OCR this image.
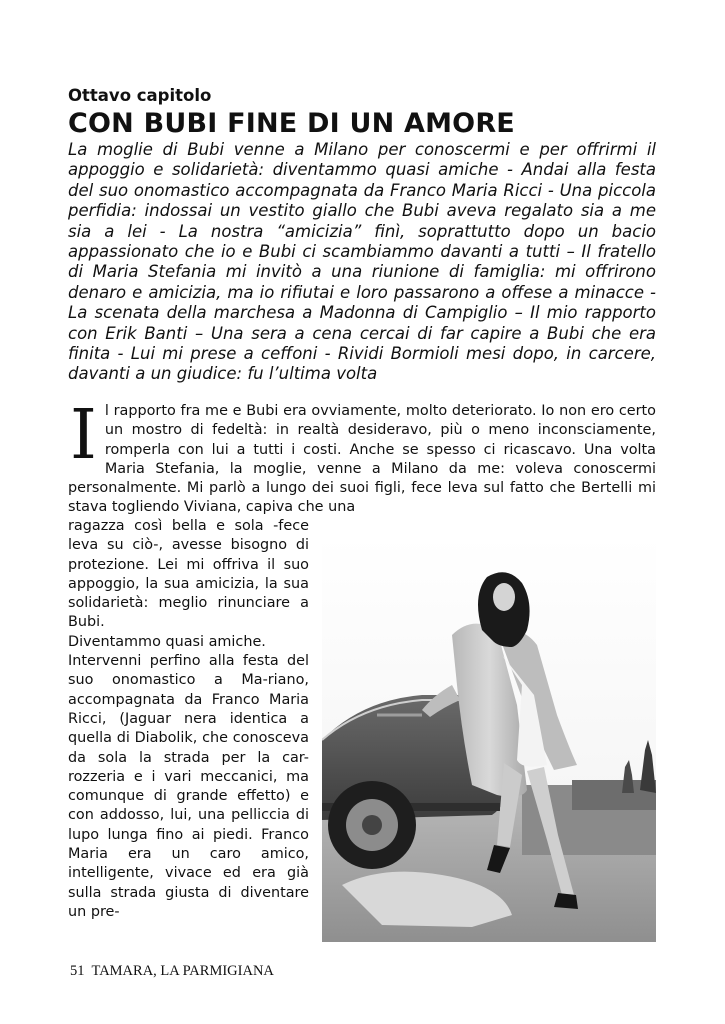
Ottavo capitolo
CON BUBI FINE DI UN AMORE
La moglie di Bubi venne a Milano per conoscermi e per offrirmi il appoggio e solidarietà: diventammo quasi amiche - Andai alla festa del suo onomastico accompagnata da Franco Maria Ricci - Una piccola perfidia: indossai un vestito giallo che Bubi aveva regalato sia a me sia a lei - La nostra “amicizia” finì, soprattutto dopo un bacio appassionato che io e Bubi ci scambiammo davanti a tutti – Il fratello di Maria Stefania mi invitò a una riunione di famiglia: mi offrirono denaro e amicizia, ma io rifiutai e loro passarono a offese a minacce - La scenata della marchesa a Madonna di Campiglio – Il mio rapporto con Erik Banti – Una sera a cena cercai di far capire a Bubi che era finita - Lui mi prese a ceffoni - Rividi Bormioli mesi dopo, in carcere, davanti a un giudice: fu l’ultima volta
Il rapporto fra me e Bubi era ovviamente, molto deteriorato. Io non ero certo un mostro di fedeltà: in realtà desideravo, più o meno inconsciamente, romperla con lui a tutti i costi. Anche se spesso ci ricascavo. Una volta Maria Stefania, la moglie, venne a Milano da me: voleva conoscermi personalmente. Mi parlò a lungo dei suoi figli, fece leva sul fatto che Bertelli mi stava togliendo Viviana, capiva che una
ragazza così bella e sola -fece leva su ciò-, avesse bisogno di protezione. Lei mi offriva il suo appoggio, la sua amicizia, la sua solidarietà: meglio rinunciare a Bubi.
Diventammo quasi amiche.
Intervenni perfino alla festa del suo onomastico a Ma-riano, accompagnata da Franco Maria Ricci, (Jaguar nera identica a quella di Diabolik, che conosceva da sola la strada per la car-rozzeria e i vari meccanici, ma comunque di grande effetto) e con addosso, lui, una pelliccia di lupo lunga fino ai piedi. Franco Maria era un caro amico, intelligente, vivace ed era già sulla strada giusta di diventare un pre-
51 TAMARA, LA PARMIGIANA
